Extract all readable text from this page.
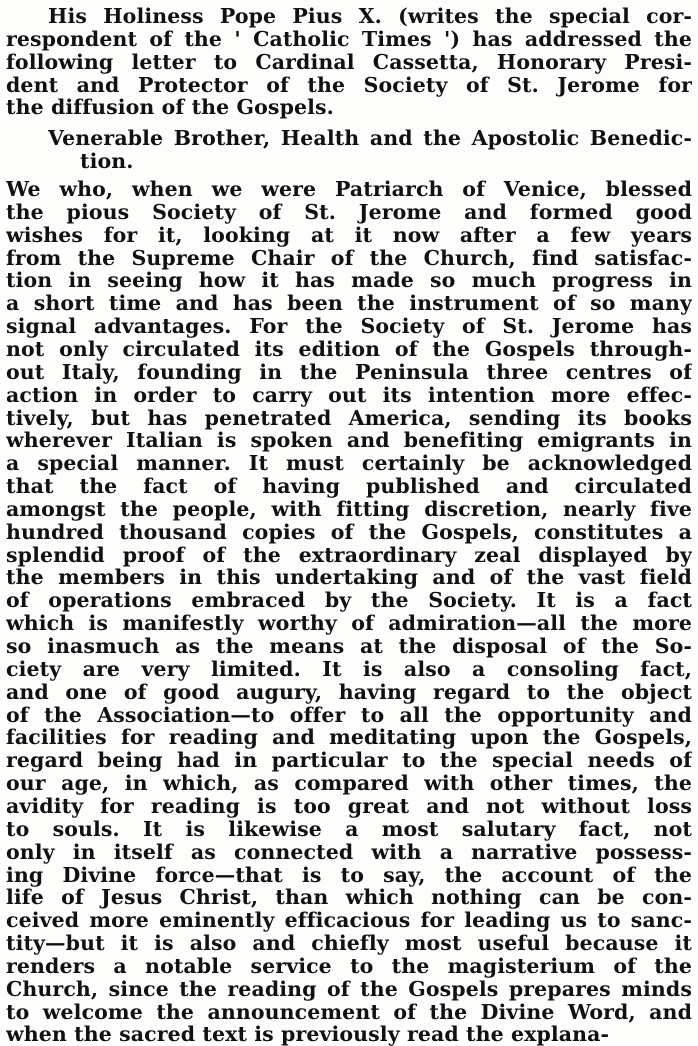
His Holiness Pope Pius X. (writes the special cor-
respondent of the ' Catholic Times ') has addressed the
following letter to Cardinal Cassetta, Honorary Presi-
dent and Protector of the Society of St. Jerome for
the diffusion of the Gospels.
Venerable Brother, Health and the Apostolic Benedic-
tion.
We who, when we were Patriarch of Venice, blessed
the pious Society of St. Jerome and formed good
wishes for it, looking at it now after a few years
from the Supreme Chair of the Church, find satisfac-
tion in seeing how it has made so much progress in
a short time and has been the instrument of so many
signal advantages. For the Society of St. Jerome has
not only circulated its edition of the Gospels through-
out Italy, founding in the Peninsula three centres of
action in order to carry out its intention more effec-
tively, but has penetrated America, sending its books
wherever Italian is spoken and benefiting emigrants in
a special manner. It must certainly be acknowledged
that the fact of having published and circulated
amongst the people, with fitting discretion, nearly five
hundred thousand copies of the Gospels, constitutes a
splendid proof of the extraordinary zeal displayed by
the members in this undertaking and of the vast field
of operations embraced by the Society. It is a fact
which is manifestly worthy of admiration—all the more
so inasmuch as the means at the disposal of the So-
ciety are very limited. It is also a consoling fact,
and one of good augury, having regard to the object
of the Association—to offer to all the opportunity and
facilities for reading and meditating upon the Gospels,
regard being had in particular to the special needs of
our age, in which, as compared with other times, the
avidity for reading is too great and not without loss
to souls. It is likewise a most salutary fact, not
only in itself as connected with a narrative possess-
ing Divine force—that is to say, the account of the
life of Jesus Christ, than which nothing can be con-
ceived more eminently efficacious for leading us to sanc-
tity—but it is also and chiefly most useful because it
renders a notable service to the magisterium of the
Church, since the reading of the Gospels prepares minds
to welcome the announcement of the Divine Word, and
when the sacred text is previously read the explana-
